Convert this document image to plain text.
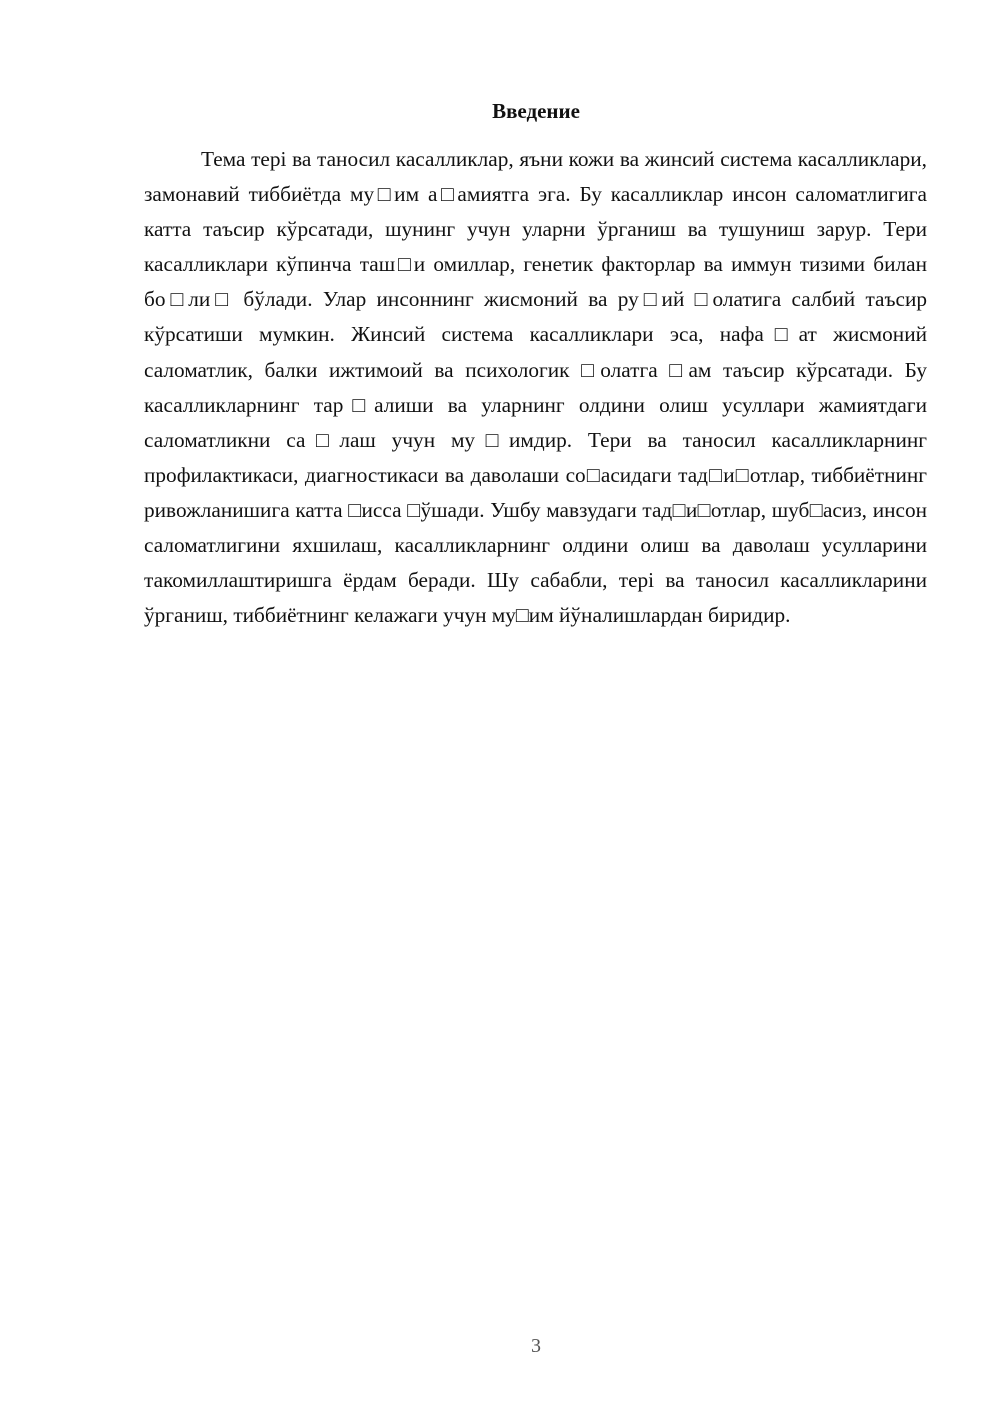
Введение

Тема тері ва таносил касалликлар, яъни кожи ва жинсий система касалликлари, замонавий тиббиётда му□им а□амиятга эга. Бу касалликлар инсон саломатлигига катта таъсир кўрсатади, шунинг учун уларни ўрганиш ва тушуниш зарур. Тери касалликлари кўпинча таш□и омиллар, генетик факторлар ва иммун тизими билан бо□ли□ бўлади. Улар инсоннинг жисмоний ва ру□ий □олатига салбий таъсир кўрсатиши мумкин. Жинсий система касалликлари эса, нафа□ат жисмоний саломатлик, балки ижтимоий ва психологик □олатга □ам таъсир кўрсатади. Бу касалликларнинг тар□алиши ва уларнинг олдини олиш усуллари жамиятдаги саломатликни са□лаш учун му□имдир. Тери ва таносил касалликларнинг профилактикаси, диагностикаси ва даволаши со□асидаги тад□и□отлар, тиббиётнинг ривожланишига катта □исса □ўшади. Ушбу мавзудаги тад□и□отлар, шуб□асиз, инсон саломатлигини яхшилаш, касалликларнинг олдини олиш ва даволаш усулларини такомиллаштиришга ёрдам беради. Шу сабабли, тері ва таносил касалликларини ўрганиш, тиббиётнинг келажаги учун му□им йўналишлардан биридир.

3
